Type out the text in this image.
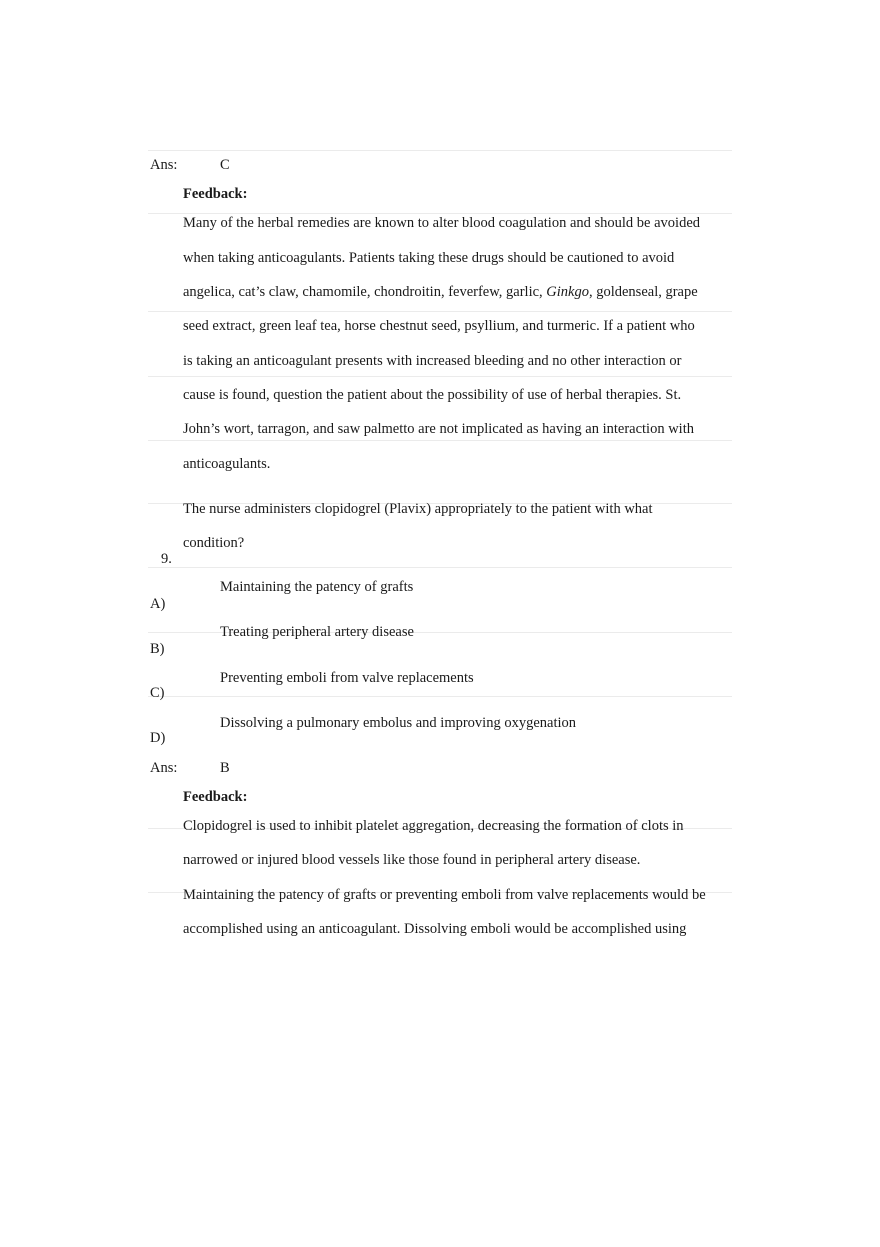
Ans:	C
Feedback:
Many of the herbal remedies are known to alter blood coagulation and should be avoided
when taking anticoagulants. Patients taking these drugs should be cautioned to avoid
angelica, cat’s claw, chamomile, chondroitin, feverfew, garlic, Ginkgo, goldenseal, grape
seed extract, green leaf tea, horse chestnut seed, psyllium, and turmeric. If a patient who
is taking an anticoagulant presents with increased bleeding and no other interaction or
cause is found, question the patient about the possibility of use of herbal therapies. St.
John’s wort, tarragon, and saw palmetto are not implicated as having an interaction with
anticoagulants.
The nurse administers clopidogrel (Plavix) appropriately to the patient with what
condition?
9.
Maintaining the patency of grafts
A)
Treating peripheral artery disease
B)
Preventing emboli from valve replacements
C)
Dissolving a pulmonary embolus and improving oxygenation
D)
Ans:	B
Feedback:
Clopidogrel is used to inhibit platelet aggregation, decreasing the formation of clots in
narrowed or injured blood vessels like those found in peripheral artery disease.
Maintaining the patency of grafts or preventing emboli from valve replacements would be
accomplished using an anticoagulant. Dissolving emboli would be accomplished using
